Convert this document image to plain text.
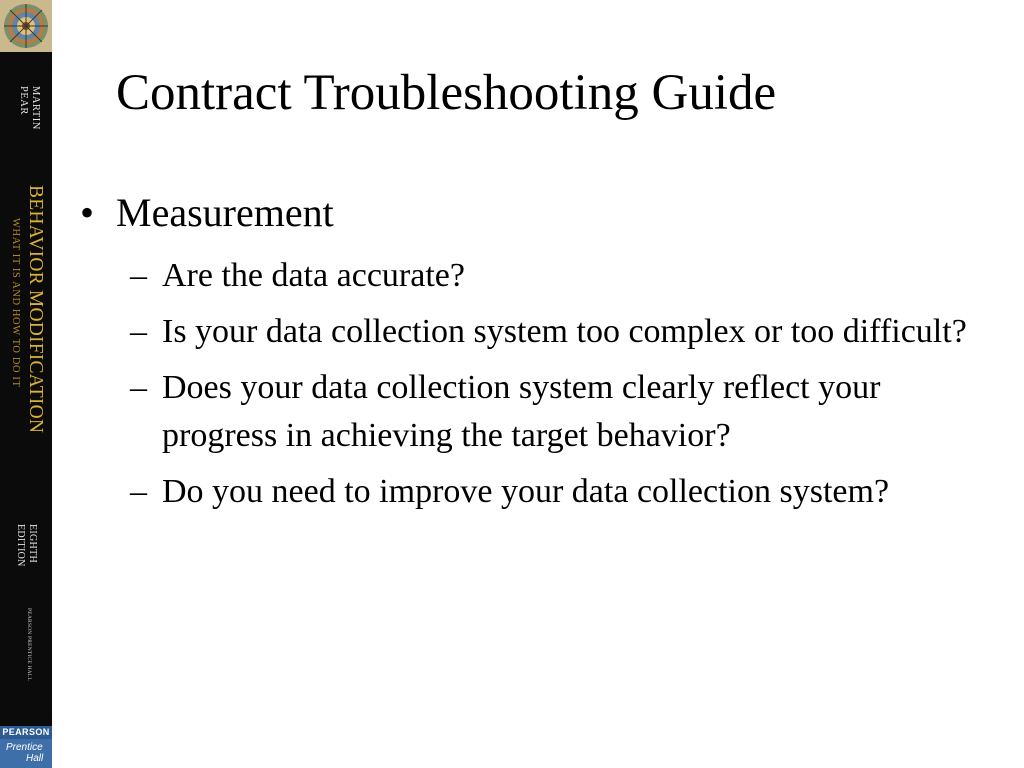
MARTIN
PEAR
BEHAVIOR MODIFICATION
WHAT IT IS AND HOW TO DO IT
EIGHTH
EDITION
PEARSON PRENTICE HALL
PEARSON
Prentice
Hall
Contract Troubleshooting Guide
• Measurement
– Are the data accurate?
– Is your data collection system too complex or too difficult?
– Does your data collection system clearly reflect your progress in achieving the target behavior?
– Do you need to improve your data collection system?
